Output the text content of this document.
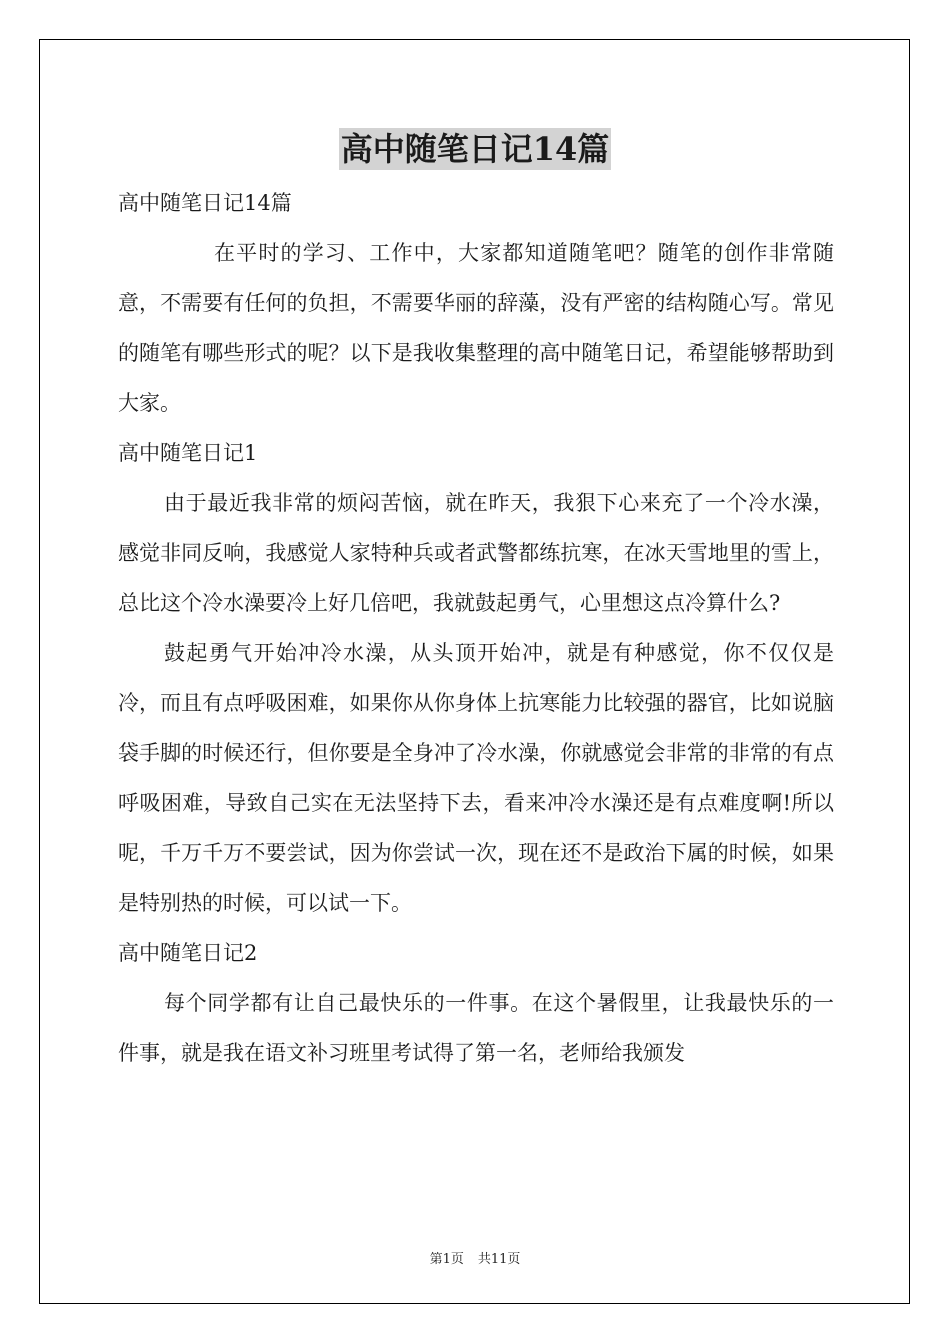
高中随笔日记14篇

高中随笔日记14篇

在平时的学习、工作中，大家都知道随笔吧？随笔的创作非常随意，不需要有任何的负担，不需要华丽的辞藻，没有严密的结构随心写。常见的随笔有哪些形式的呢？以下是我收集整理的高中随笔日记，希望能够帮助到大家。

高中随笔日记1

由于最近我非常的烦闷苦恼，就在昨天，我狠下心来充了一个冷水澡，感觉非同反响，我感觉人家特种兵或者武警都练抗寒，在冰天雪地里的雪上，总比这个冷水澡要冷上好几倍吧，我就鼓起勇气，心里想这点冷算什么?

鼓起勇气开始冲冷水澡，从头顶开始冲，就是有种感觉，你不仅仅是冷，而且有点呼吸困难，如果你从你身体上抗寒能力比较强的器官，比如说脑袋手脚的时候还行，但你要是全身冲了冷水澡，你就感觉会非常的非常的有点呼吸困难，导致自己实在无法坚持下去，看来冲冷水澡还是有点难度啊!所以呢，千万千万不要尝试，因为你尝试一次，现在还不是政治下属的时候，如果是特别热的时候，可以试一下。

高中随笔日记2

每个同学都有让自己最快乐的一件事。在这个暑假里，让我最快乐的一件事，就是我在语文补习班里考试得了第一名，老师给我颁发

第1页 共11页
